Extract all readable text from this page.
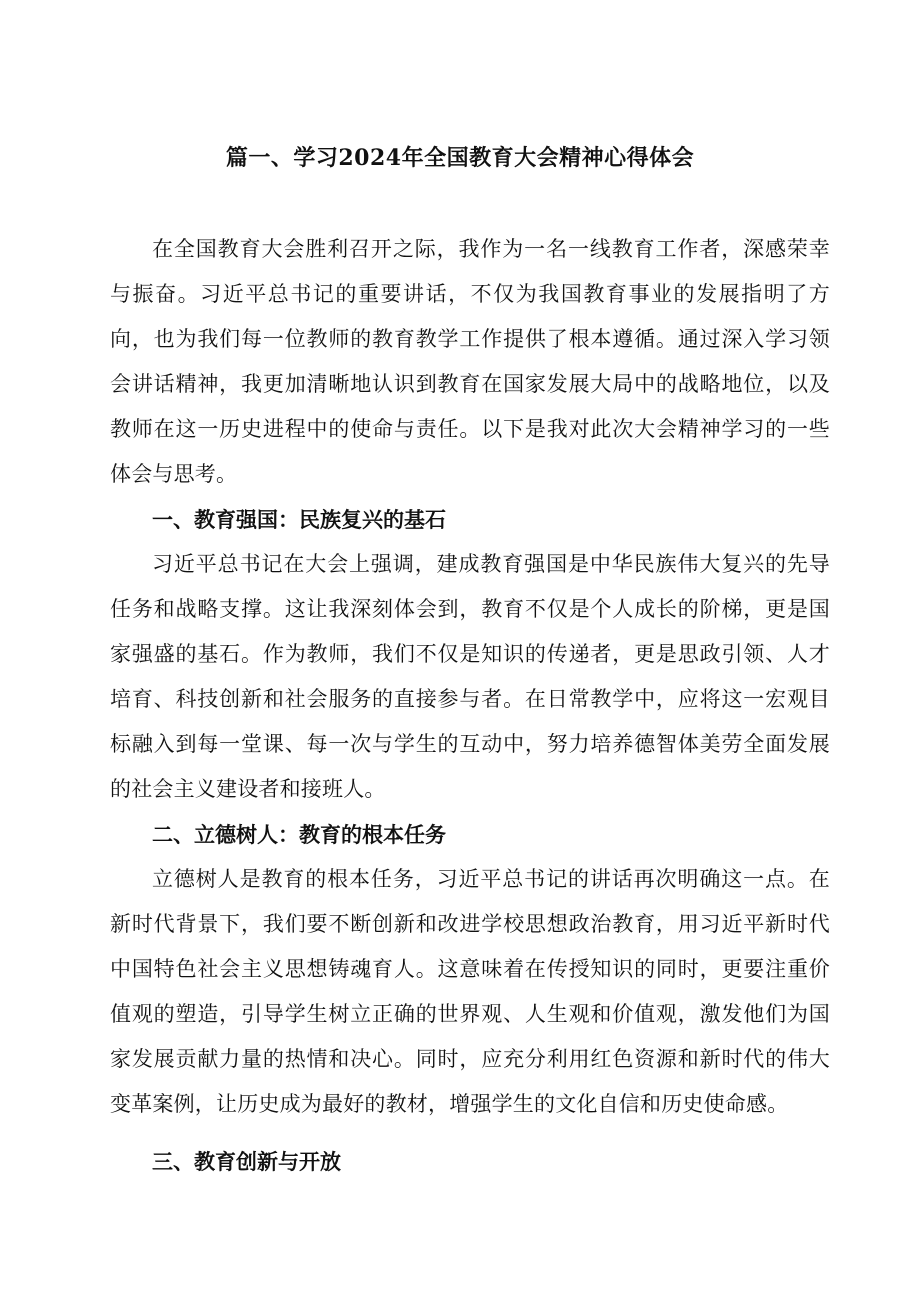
篇一、学习2024年全国教育大会精神心得体会

在全国教育大会胜利召开之际，我作为一名一线教育工作者，深感荣幸与振奋。习近平总书记的重要讲话，不仅为我国教育事业的发展指明了方向，也为我们每一位教师的教育教学工作提供了根本遵循。通过深入学习领会讲话精神，我更加清晰地认识到教育在国家发展大局中的战略地位，以及教师在这一历史进程中的使命与责任。以下是我对此次大会精神学习的一些体会与思考。

一、教育强国：民族复兴的基石

习近平总书记在大会上强调，建成教育强国是中华民族伟大复兴的先导任务和战略支撑。这让我深刻体会到，教育不仅是个人成长的阶梯，更是国家强盛的基石。作为教师，我们不仅是知识的传递者，更是思政引领、人才培育、科技创新和社会服务的直接参与者。在日常教学中，应将这一宏观目标融入到每一堂课、每一次与学生的互动中，努力培养德智体美劳全面发展的社会主义建设者和接班人。

二、立德树人：教育的根本任务

立德树人是教育的根本任务，习近平总书记的讲话再次明确这一点。在新时代背景下，我们要不断创新和改进学校思想政治教育，用习近平新时代中国特色社会主义思想铸魂育人。这意味着在传授知识的同时，更要注重价值观的塑造，引导学生树立正确的世界观、人生观和价值观，激发他们为国家发展贡献力量的热情和决心。同时，应充分利用红色资源和新时代的伟大变革案例，让历史成为最好的教材，增强学生的文化自信和历史使命感。

三、教育创新与开放
